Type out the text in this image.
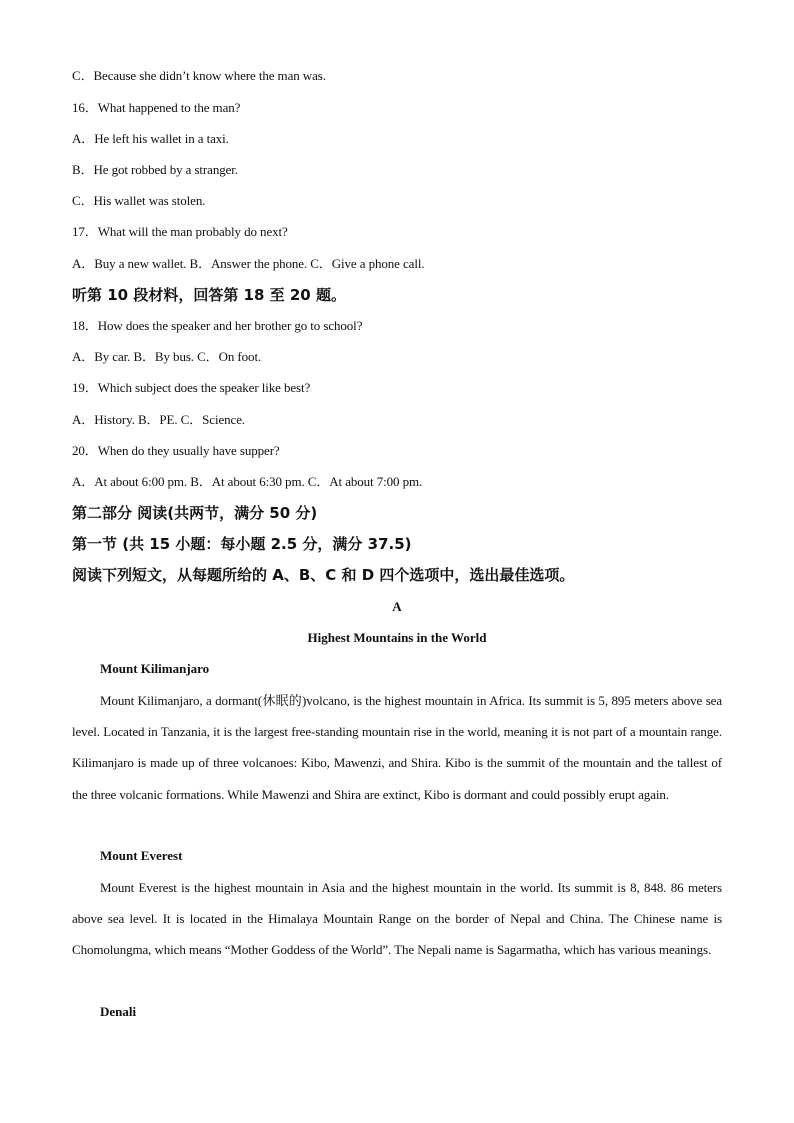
C．Because she didn’t know where the man was.
16．What happened to the man?
A．He left his wallet in a taxi.
B．He got robbed by a stranger.
C．His wallet was stolen.
17．What will the man probably do next?
A．Buy a new wallet. B．Answer the phone. C．Give a phone call.
听第 10 段材料，回答第 18 至 20 题。
18．How does the speaker and her brother go to school?
A．By car. B．By bus. C．On foot.
19．Which subject does the speaker like best?
A．History. B．PE. C．Science.
20．When do they usually have supper?
A．At about 6:00 pm. B．At about 6:30 pm. C．At about 7:00 pm.
第二部分 阅读(共两节，满分 50 分)
第一节 (共 15 小题：每小题 2.5 分，满分 37.5)
阅读下列短文，从每题所给的 A、B、C 和 D 四个选项中，选出最佳选项。
A
Highest Mountains in the World
Mount Kilimanjaro
Mount Kilimanjaro, a dormant(休眠的)volcano, is the highest mountain in Africa. Its summit is 5, 895 meters above sea level. Located in Tanzania, it is the largest free-standing mountain rise in the world, meaning it is not part of a mountain range. Kilimanjaro is made up of three volcanoes: Kibo, Mawenzi, and Shira. Kibo is the summit of the mountain and the tallest of the three volcanic formations. While Mawenzi and Shira are extinct, Kibo is dormant and could possibly erupt again.
Mount Everest
Mount Everest is the highest mountain in Asia and the highest mountain in the world. Its summit is 8, 848. 86 meters above sea level. It is located in the Himalaya Mountain Range on the border of Nepal and China. The Chinese name is Chomolungma, which means “Mother Goddess of the World”. The Nepali name is Sagarmatha, which has various meanings.
Denali
